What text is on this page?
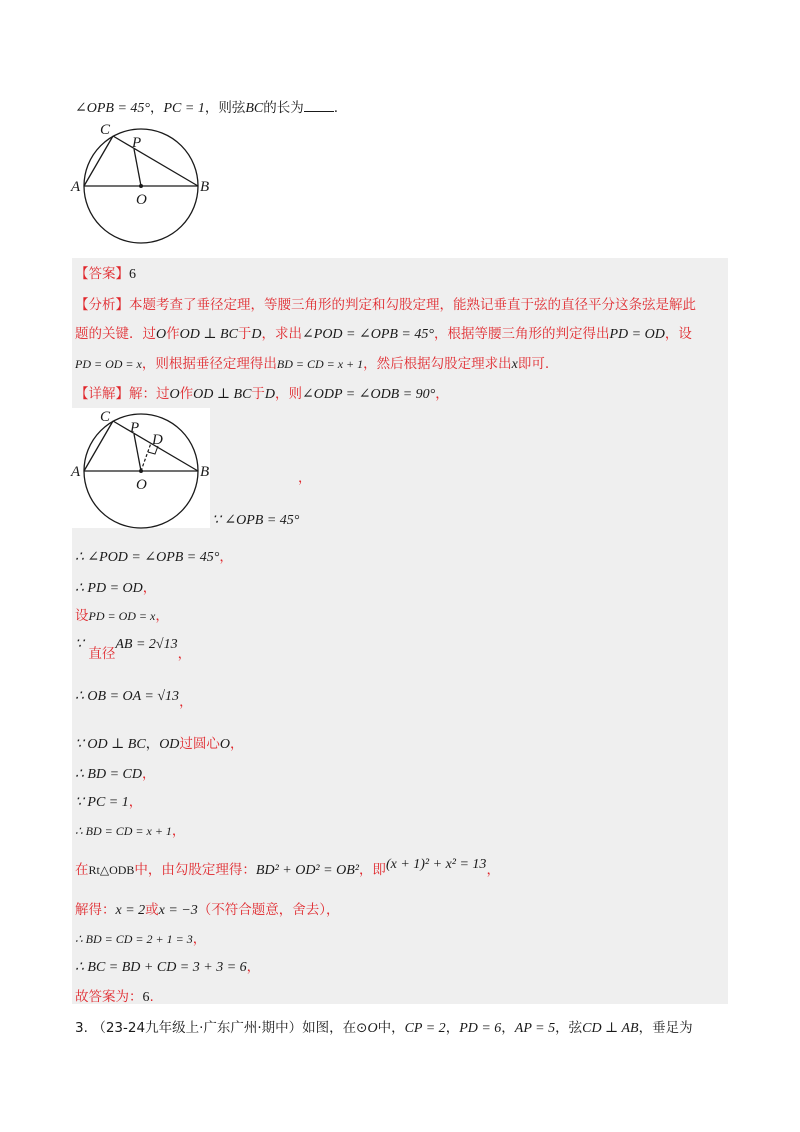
∠OPB = 45°，PC = 1，则弦BC的长为 .
C
P
A	B
O
【答案】6
【分析】本题考查了垂径定理，等腰三角形的判定和勾股定理，能熟记垂直于弦的直径平分这条弦是解此
题的关键．过O作OD ⊥ BC于D，求出∠POD = ∠OPB = 45°，根据等腰三角形的判定得出PD = OD，设
PD = OD = x，则根据垂径定理得出BD = CD = x + 1，然后根据勾股定理求出x即可.
【详解】解：过O作OD ⊥ BC于D，则∠ODP = ∠ODB = 90°，
C
P
D
A	B
O	，
∵ ∠OPB = 45°
∴ ∠POD = ∠OPB = 45°，
∴ PD = OD，
设PD = OD = x，
∵ 直径AB = 2√13，
∴ OB = OA = √13，
∵ OD ⊥ BC，OD过圆心O，
∴ BD = CD，
∵ PC = 1，
∴ BD = CD = x + 1，
在Rt△ODB中，由勾股定理得：BD² + OD² = OB²，即(x + 1)² + x² = 13，
解得：x = 2或x = −3（不符合题意，舍去），
∴ BD = CD = 2 + 1 = 3，
∴ BC = BD + CD = 3 + 3 = 6，
故答案为：6.
3. （23-24九年级上·广东广州·期中）如图，在⊙O中，CP = 2，PD = 6，AP = 5，弦CD ⊥ AB，垂足为
